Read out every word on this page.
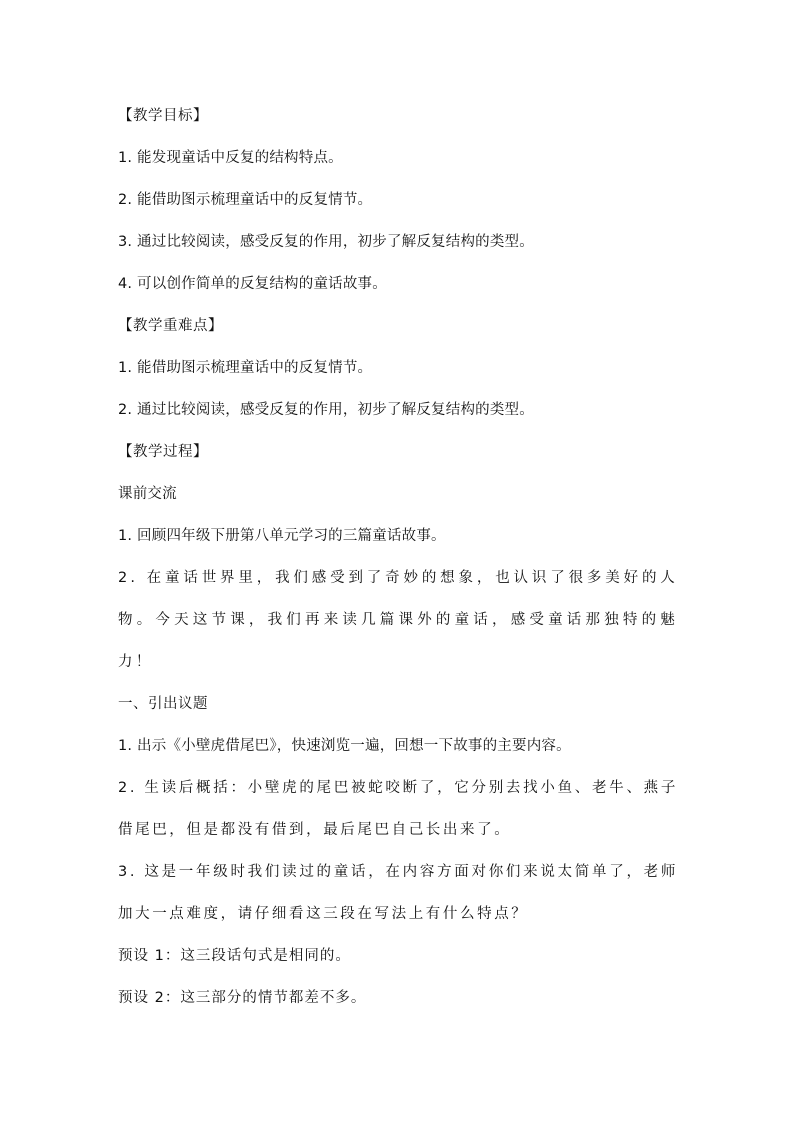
【教学目标】
1. 能发现童话中反复的结构特点。
2. 能借助图示梳理童话中的反复情节。
3. 通过比较阅读，感受反复的作用，初步了解反复结构的类型。
4. 可以创作简单的反复结构的童话故事。
【教学重难点】
1. 能借助图示梳理童话中的反复情节。
2. 通过比较阅读，感受反复的作用，初步了解反复结构的类型。
【教学过程】
课前交流
1. 回顾四年级下册第八单元学习的三篇童话故事。
2. 在童话世界里，我们感受到了奇妙的想象，也认识了很多美好的人物。今天这节课，我们再来读几篇课外的童话，感受童话那独特的魅力！
一、引出议题
1. 出示《小壁虎借尾巴》，快速浏览一遍，回想一下故事的主要内容。
2. 生读后概括：小壁虎的尾巴被蛇咬断了，它分别去找小鱼、老牛、燕子借尾巴，但是都没有借到，最后尾巴自己长出来了。
3. 这是一年级时我们读过的童话，在内容方面对你们来说太简单了，老师加大一点难度，请仔细看这三段在写法上有什么特点？
预设 1：这三段话句式是相同的。
预设 2：这三部分的情节都差不多。
